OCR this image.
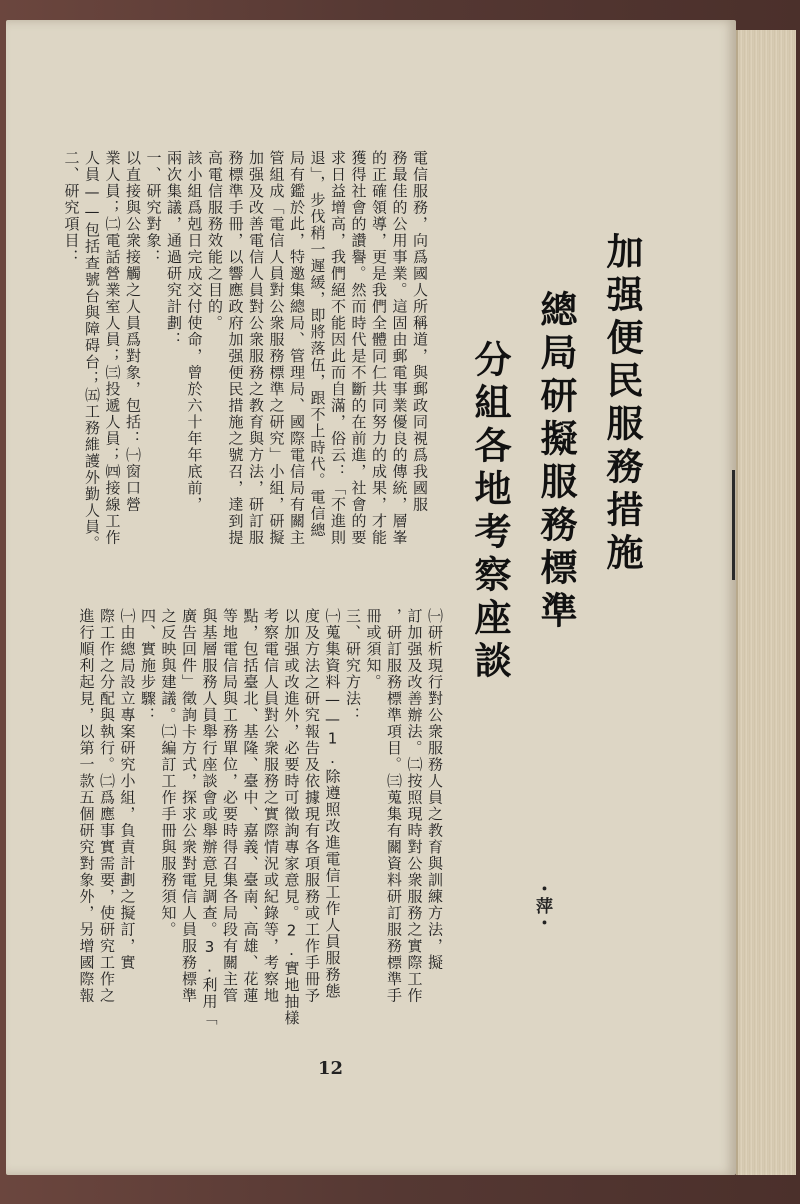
加强便民服務措施
總局研擬服務標準
分組各地考察座談

電信服務，向爲國人所稱道，與郵政同視爲我國服

務最佳的公用事業。這固由郵電事業優良的傳統，層峯

的正確領導，更是我們全體同仁共同努力的成果，才能

獲得社會的讚譽。然而時代是不斷的在前進，社會的要

求日益增高，我們絕不能因此而自滿，俗云：「不進則

退」，步伐稍一遲緩，即將落伍，跟不上時代。電信總

局有鑑於此，特邀集總局、管理局、國際電信局有關主

管組成「電信人員對公衆服務標準之研究」小組，研擬

加强及改善電信人員對公衆服務之教育與方法，研訂服

務標準手冊，以響應政府加强便民措施之號召，達到提

高電信服務效能之目的。

該小組爲剋日完成交付使命，曾於六十年年底前，

兩次集議，通過研究計劃：

一、研究對象：

以直接與公衆接觸之人員爲對象，包括：㈠窗口營

業人員；㈡電話營業室人員；㈢投遞人員；㈣接線工作

人員——包括查號台與障碍台；㈤工務維護外勤人員。

二、研究項目：

㈠研析現行對公衆服務人員之教育與訓練方法，擬

訂加强及改善辦法。㈡按照現時對公衆服務之實際工作

，研訂服務標準項目。㈢蒐集有關資料研訂服務標準手

冊或須知。

三、研究方法：

㈠蒐集資料——1.除遵照改進電信工作人員服務態

度及方法之研究報告及依據現有各項服務或工作手冊予

以加强或改進外，必要時可徵詢專家意見。2.實地抽樣

考察電信人員對公衆服務之實際情況或紀錄等，考察地

點，包括臺北、基隆、臺中、嘉義、臺南、高雄、花蓮

等地電信局與工務單位，必要時得召集各局段有關主管

與基層服務人員舉行座談會或舉辦意見調查。3.利用「

廣告回件」徵詢卡方式，探求公衆對電信人員服務標準

之反映與建議。㈡編訂工作手冊與服務須知。

四、實施步驟：

㈠由總局設立專案研究小組，負責計劃之擬訂，實

際工作之分配與執行。㈡爲應事實需要，使研究工作之

進行順利起見，以第一款五個研究對象外，另增國際報	・萍・
12
